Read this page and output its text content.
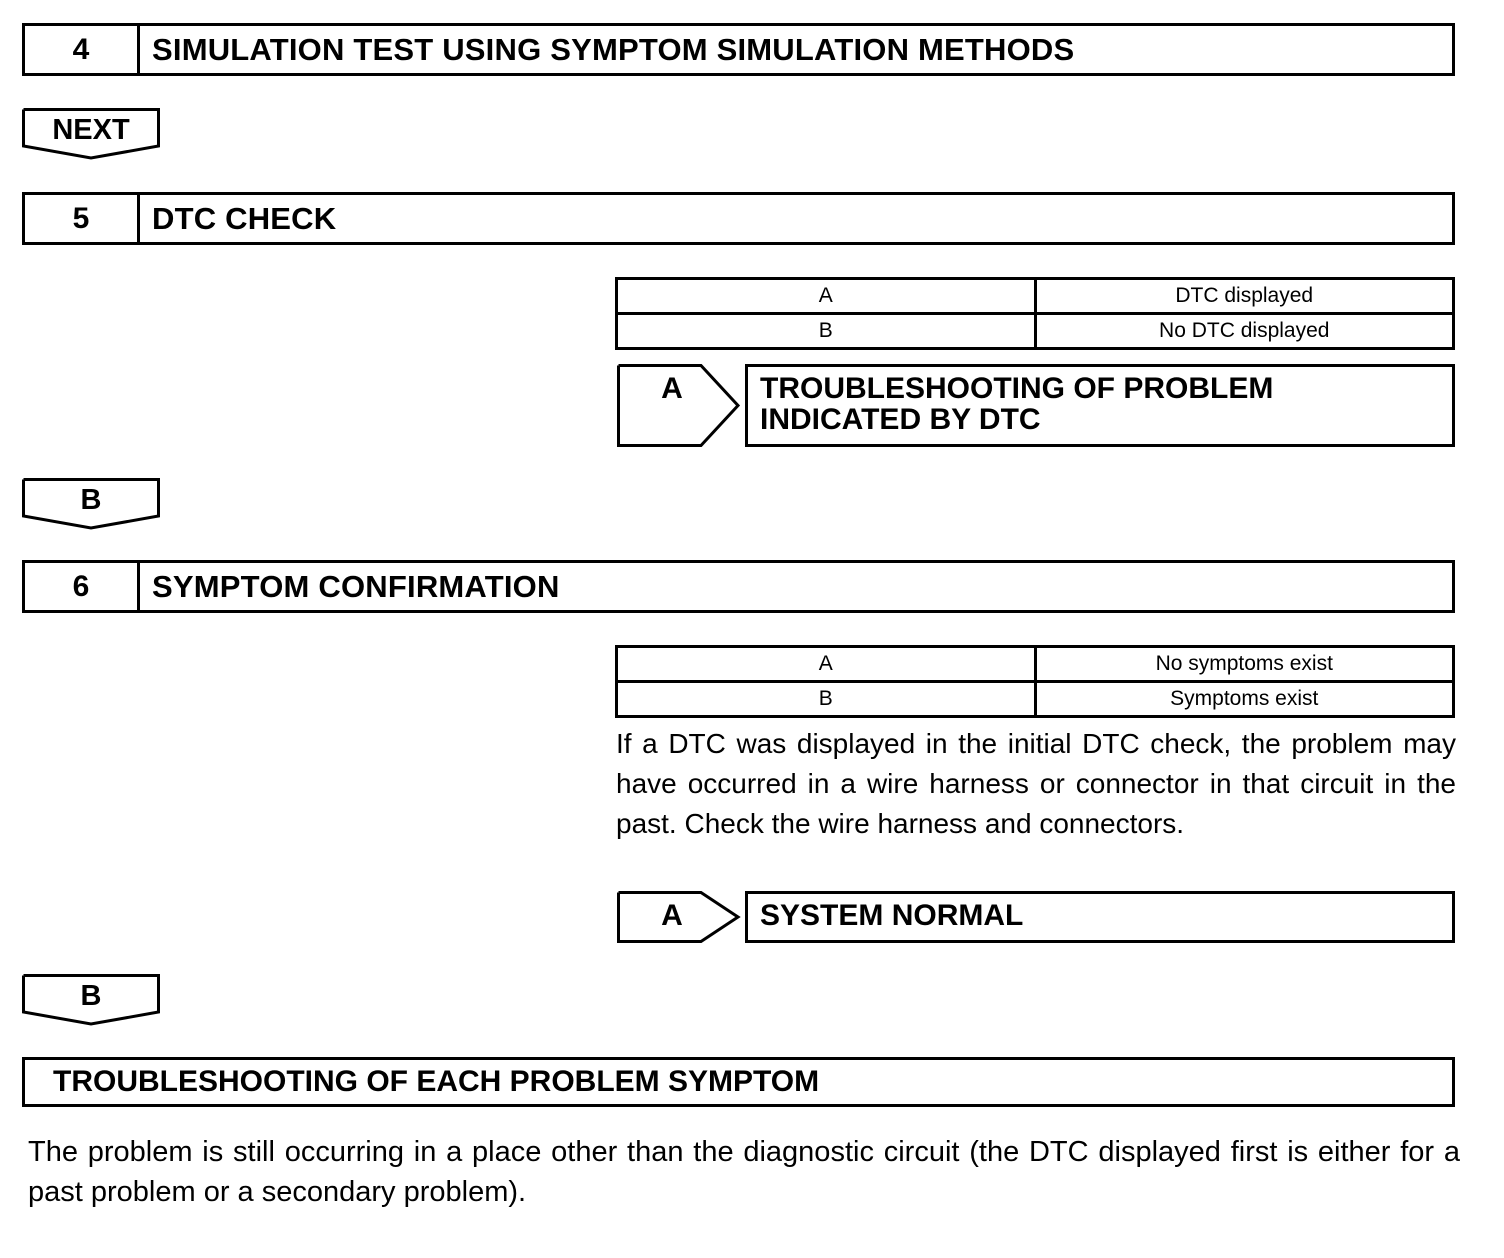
4	SIMULATION TEST USING SYMPTOM SIMULATION METHODS
NEXT
5	DTC CHECK
A	DTC displayed
B	No DTC displayed
A	TROUBLESHOOTING OF PROBLEM
INDICATED BY DTC
B
6	SYMPTOM CONFIRMATION
A	No symptoms exist
B	Symptoms exist
If a DTC was displayed in the initial DTC check, the problem may have occurred in a wire harness or connector in that circuit in the past. Check the wire harness and connectors.
A	SYSTEM NORMAL
B
TROUBLESHOOTING OF EACH PROBLEM SYMPTOM
The problem is still occurring in a place other than the diagnostic circuit (the DTC displayed first is either for a past problem or a secondary problem).
